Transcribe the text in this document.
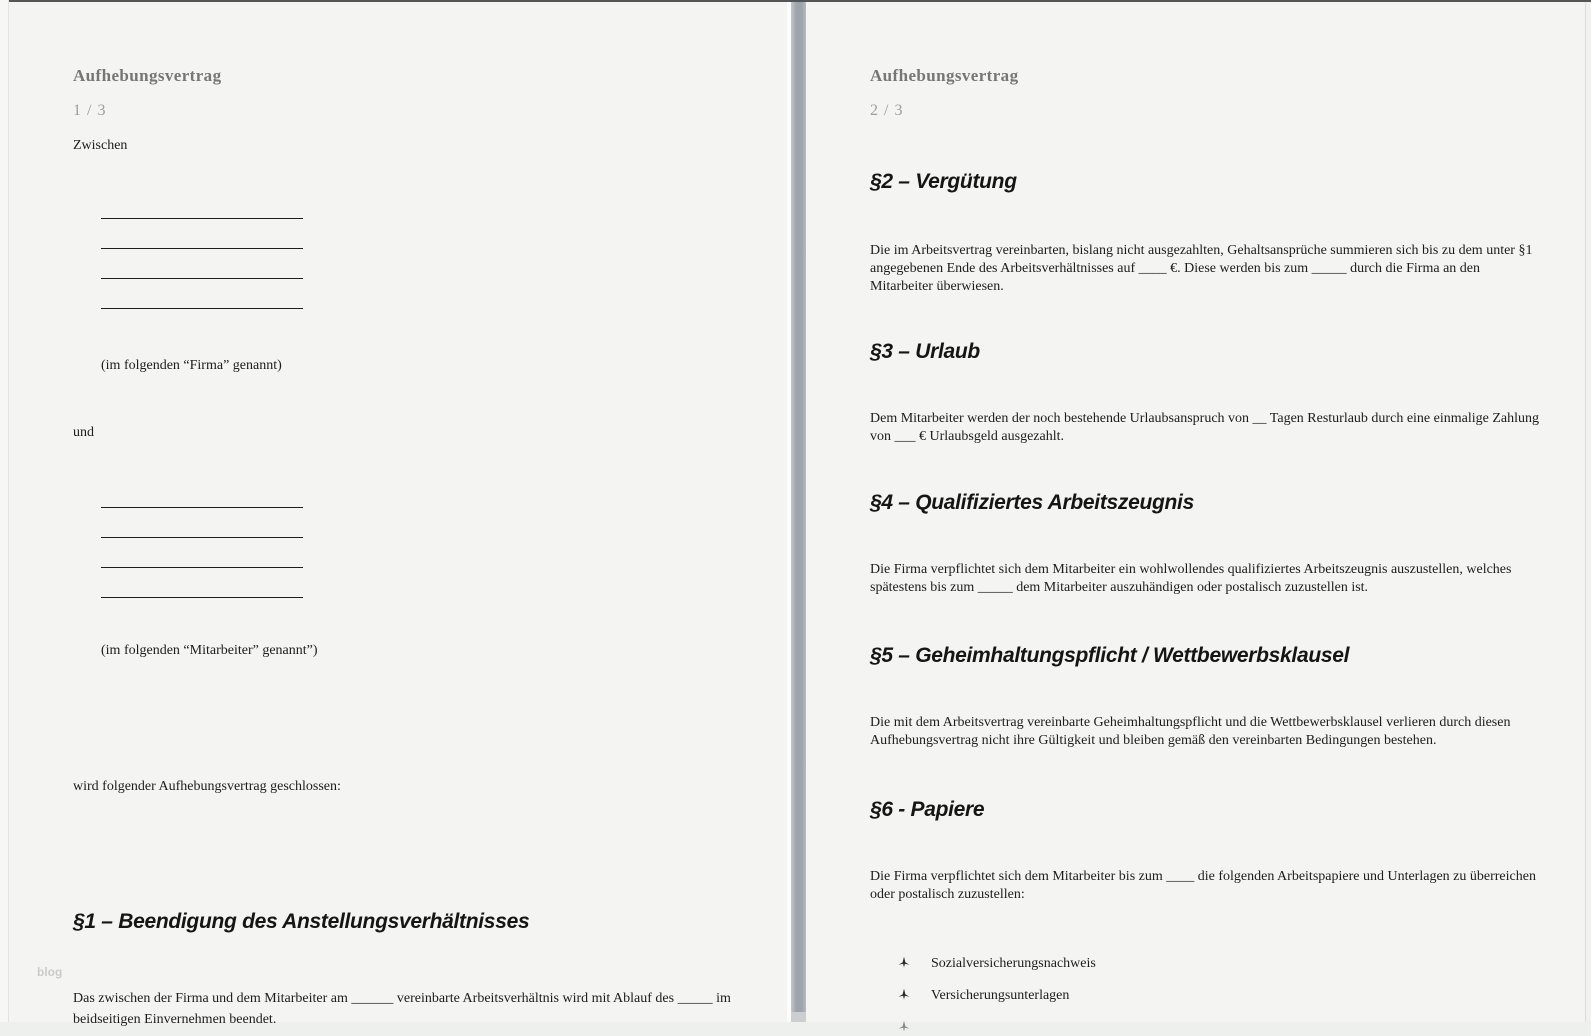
Aufhebungsvertrag
1 / 3
Zwischen
(im folgenden “Firma” genannt)
und
(im folgenden “Mitarbeiter” genannt”)
wird folgender Aufhebungsvertrag geschlossen:
§1 – Beendigung des Anstellungsverhältnisses
blog
Das zwischen der Firma und dem Mitarbeiter am ______ vereinbarte Arbeitsverhältnis wird mit Ablauf des _____ im
beidseitigen Einvernehmen beendet.
Aufhebungsvertrag
2 / 3
§2 – Vergütung
Die im Arbeitsvertrag vereinbarten, bislang nicht ausgezahlten, Gehaltsansprüche summieren sich bis zu dem unter §1
angegebenen Ende des Arbeitsverhältnisses auf ____ €. Diese werden bis zum _____ durch die Firma an den
Mitarbeiter überwiesen.
§3 – Urlaub
Dem Mitarbeiter werden der noch bestehende Urlaubsanspruch von __ Tagen Resturlaub durch eine einmalige Zahlung
von ___ € Urlaubsgeld ausgezahlt.
§4 – Qualifiziertes Arbeitszeugnis
Die Firma verpflichtet sich dem Mitarbeiter ein wohlwollendes qualifiziertes Arbeitszeugnis auszustellen, welches
spätestens bis zum _____ dem Mitarbeiter auszuhändigen oder postalisch zuzustellen ist.
§5 – Geheimhaltungspflicht / Wettbewerbsklausel
Die mit dem Arbeitsvertrag vereinbarte Geheimhaltungspflicht und die Wettbewerbsklausel verlieren durch diesen
Aufhebungsvertrag nicht ihre Gültigkeit und bleiben gemäß den vereinbarten Bedingungen bestehen.
§6 - Papiere
Die Firma verpflichtet sich dem Mitarbeiter bis zum ____ die folgenden Arbeitspapiere und Unterlagen zu überreichen
oder postalisch zuzustellen:
Sozialversicherungsnachweis
Versicherungsunterlagen
